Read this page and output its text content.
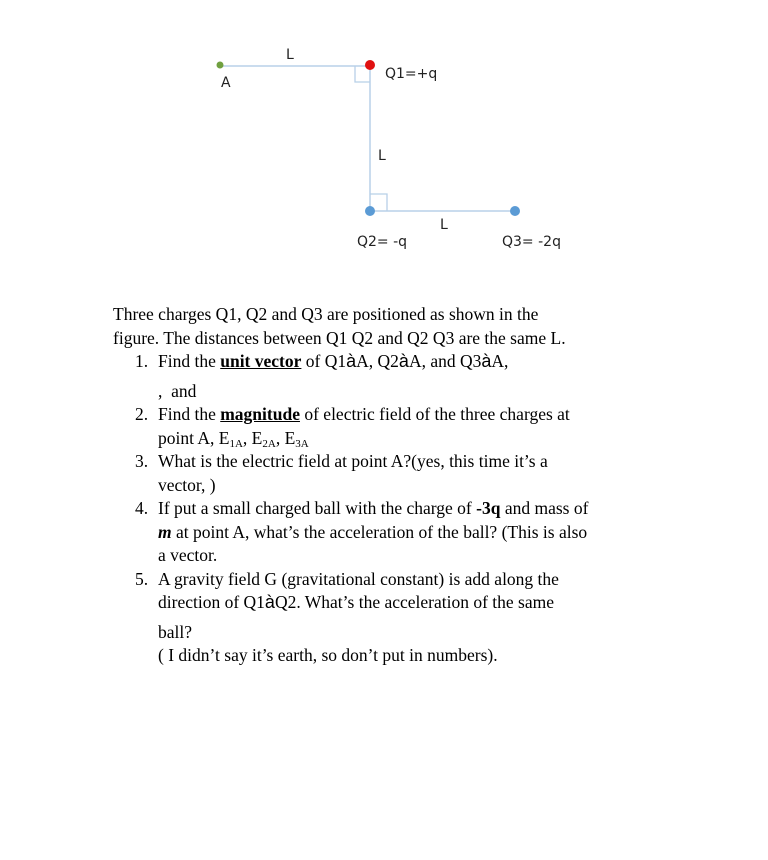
L
A
Q1=+q
L
L
Q2= -q	Q3= -2q

Three charges Q1, Q2 and Q3 are positioned as shown in the

figure. The distances between Q1 Q2 and Q2 Q3 are the same L.

1. Find the unit vector of Q1àA, Q2àA, and Q3àA,
,  and
2. Find the magnitude of electric field of the three charges at
point A, $E_{1A}$, $E_{2A}$, $E_{3A}$
3. What is the electric field at point A?(yes, this time it’s a
vector, )
4. If put a small charged ball with the charge of -3q and mass of
m at point A, what’s the acceleration of the ball? (This is also
a vector.
5. A gravity field G (gravitational constant) is add along the
direction of Q1àQ2. What’s the acceleration of the same
ball?
( I didn’t say it’s earth, so don’t put in numbers).
